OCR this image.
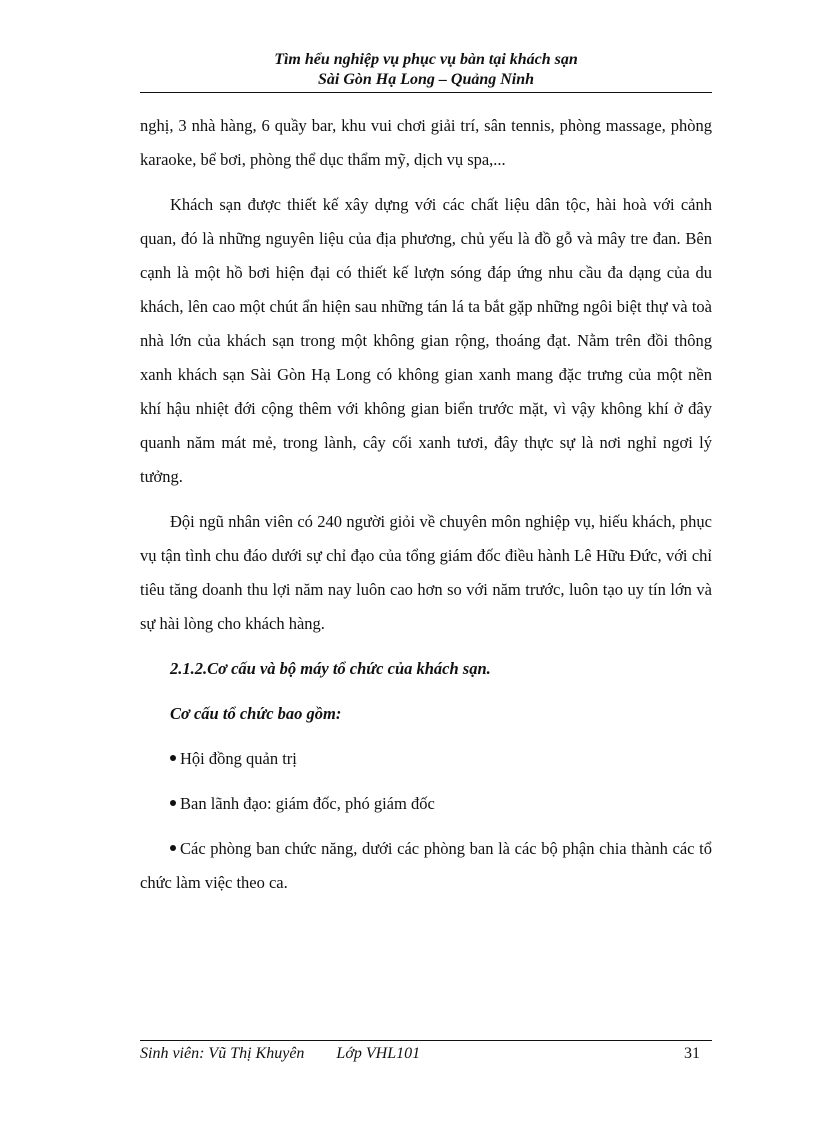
Tìm hểu nghiệp vụ phục vụ bàn tại khách sạn
Sài Gòn Hạ Long – Quảng Ninh

nghị, 3 nhà hàng, 6 quầy bar, khu vui chơi giải trí, sân tennis, phòng massage, phòng karaoke, bể bơi, phòng thể dục thẩm mỹ, dịch vụ spa,...

Khách sạn được thiết kế xây dựng với các chất liệu dân tộc, hài hoà với cảnh quan, đó là những nguyên liệu của địa phương, chủ yếu là đồ gỗ và mây tre đan. Bên cạnh là một hồ bơi hiện đại có thiết kế lượn sóng đáp ứng nhu cầu đa dạng của du khách, lên cao một chút ẩn hiện sau những tán lá ta bắt gặp những ngôi biệt thự và toà nhà lớn của khách sạn trong một không gian rộng, thoáng đạt. Nằm trên đồi thông xanh khách sạn Sài Gòn Hạ Long có không gian xanh mang đặc trưng của một nền khí hậu nhiệt đới cộng thêm với không gian biển trước mặt, vì vậy không khí ở đây quanh năm mát mẻ, trong lành, cây cối xanh tươi, đây thực sự là nơi nghỉ ngơi lý tưởng.

Đội ngũ nhân viên có 240 người giỏi về chuyên môn nghiệp vụ, hiếu khách, phục vụ tận tình chu đáo dưới sự chỉ đạo của tổng giám đốc điều hành Lê Hữu Đức, với chỉ tiêu tăng doanh thu lợi năm nay luôn cao hơn so với năm trước, luôn tạo uy tín lớn và sự hài lòng cho khách hàng.

2.1.2.Cơ cấu và bộ máy tổ chức của khách sạn.

Cơ cấu tổ chức bao gồm:

Hội đồng quản trị

Ban lãnh đạo: giám đốc, phó giám đốc

Các phòng ban chức năng, dưới các phòng ban là các bộ phận chia thành các tổ chức làm việc theo ca.

Sinh viên: Vũ Thị Khuyên Lớp VHL101	31
